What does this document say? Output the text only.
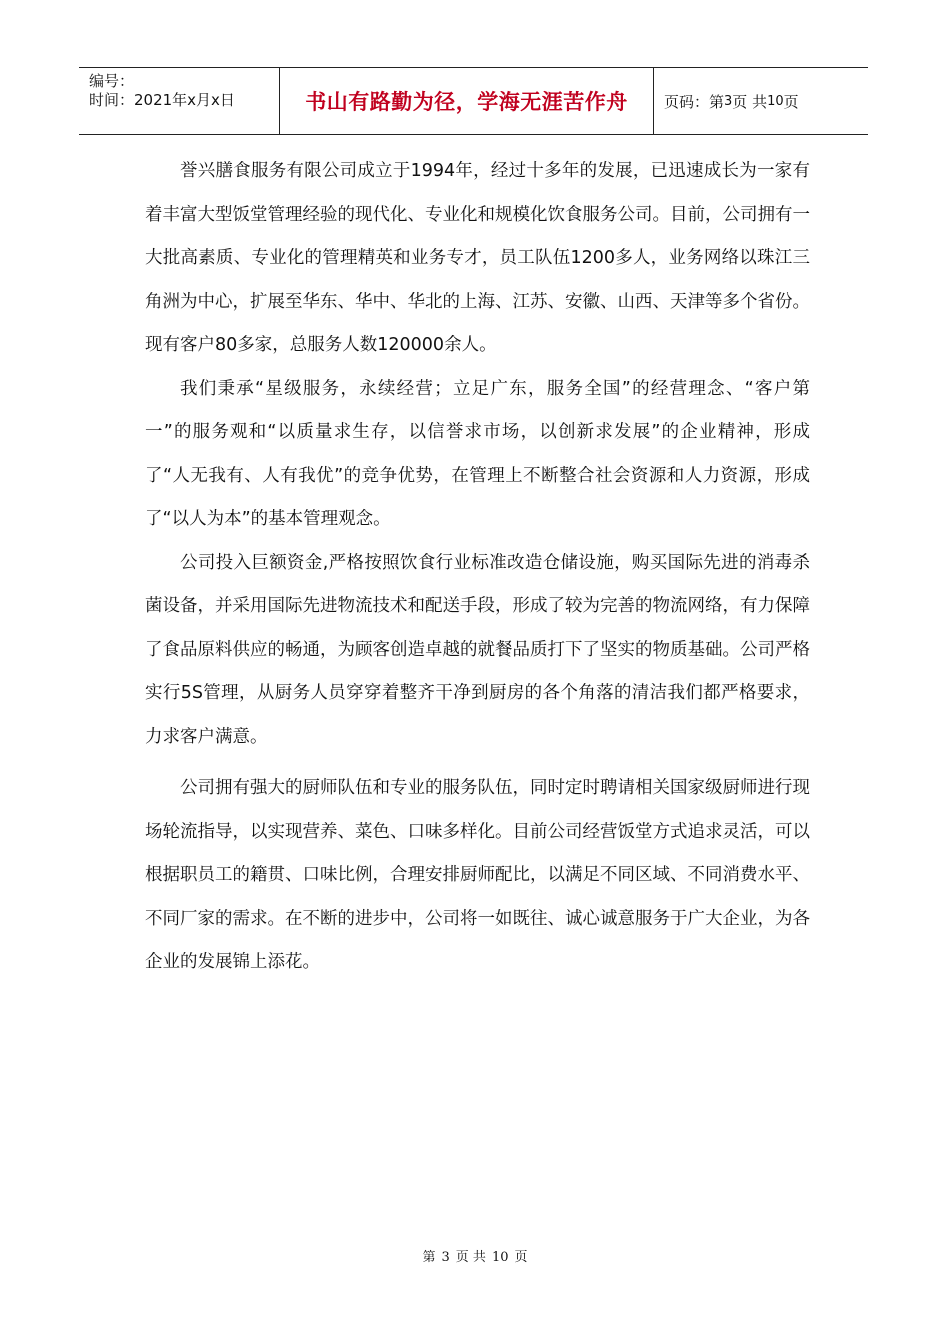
编号：
时间：2021年x月x日	书山有路勤为径，学海无涯苦作舟 页码：第 3 页 共 10 页

誉兴膳食服务有限公司成立于1994年，经过十多年的发展，已迅速成长为一家有着丰富大型饭堂管理经验的现代化、专业化和规模化饮食服务公司。目前，公司拥有一大批高素质、专业化的管理精英和业务专才，员工队伍1200多人，业务网络以珠江三角洲为中心，扩展至华东、华中、华北的上海、江苏、安徽、山西、天津等多个省份。现有客户80多家，总服务人数120000余人。

我们秉承“星级服务，永续经营；立足广东，服务全国”的经营理念、“客户第一”的服务观和“以质量求生存，以信誉求市场，以创新求发展”的企业精神，形成了“人无我有、人有我优”的竞争优势，在管理上不断整合社会资源和人力资源，形成了“以人为本”的基本管理观念。

公司投入巨额资金,严格按照饮食行业标准改造仓储设施，购买国际先进的消毒杀菌设备，并采用国际先进物流技术和配送手段，形成了较为完善的物流网络，有力保障了食品原料供应的畅通，为顾客创造卓越的就餐品质打下了坚实的物质基础。公司严格实行5S管理，从厨务人员穿穿着整齐干净到厨房的各个角落的清洁我们都严格要求，力求客户满意。

公司拥有强大的厨师队伍和专业的服务队伍，同时定时聘请相关国家级厨师进行现场轮流指导，以实现营养、菜色、口味多样化。目前公司经营饭堂方式追求灵活，可以根据职员工的籍贯、口味比例，合理安排厨师配比，以满足不同区域、不同消费水平、不同厂家的需求。在不断的进步中，公司将一如既往、诚心诚意服务于广大企业，为各企业的发展锦上添花。

第 3 页 共 10 页
